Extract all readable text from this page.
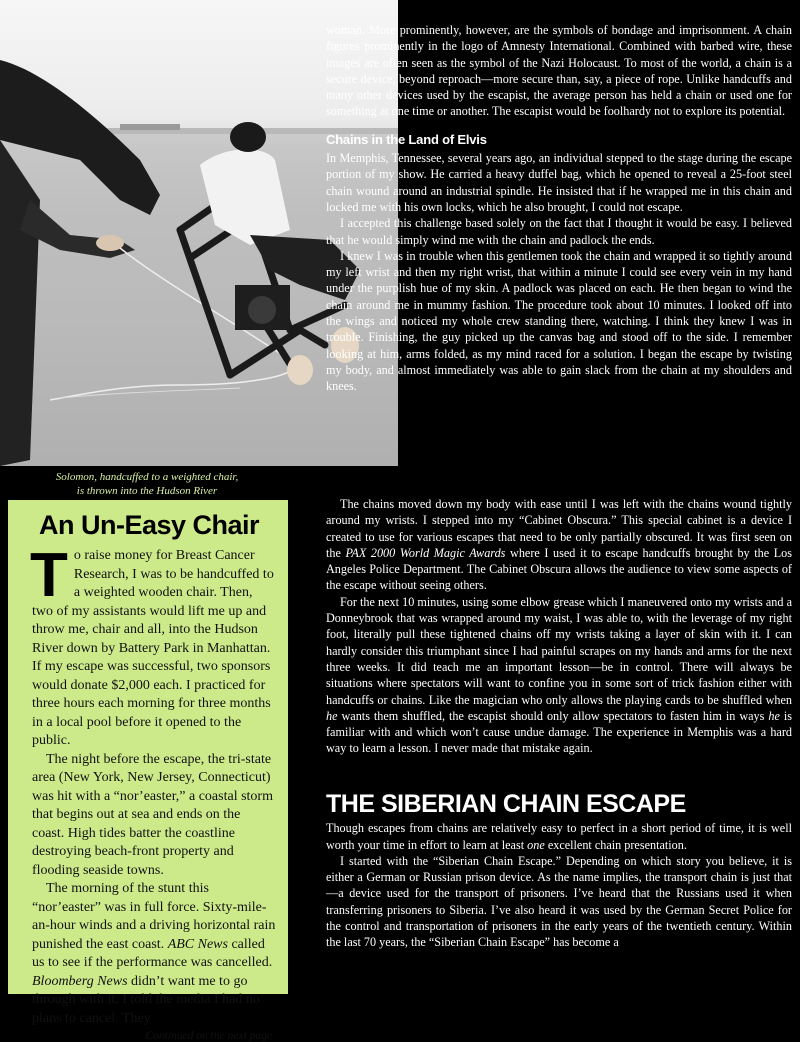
Solomon, handcuffed to a weighted chair,
is thrown into the Hudson River
An Un-Easy Chair

To raise money for Breast Cancer Research, I was to be handcuffed to a weighted wooden chair. Then, two of my assistants would lift me up and throw me, chair and all, into the Hudson River down by Battery Park in Manhattan. If my escape was successful, two sponsors would donate $2,000 each. I practiced for three hours each morning for three months in a local pool before it opened to the public.

The night before the escape, the tri-state area (New York, New Jersey, Connecticut) was hit with a “nor’easter,” a coastal storm that begins out at sea and ends on the coast. High tides batter the coastline destroying beach-front property and flooding seaside towns.

The morning of the stunt this “nor’easter” was in full force. Sixty-mile-an-hour winds and a driving horizontal rain punished the east coast. ABC News called us to see if the performance was cancelled. Bloomberg News didn’t want me to go through with it. I told the media I had no plans to cancel. They

Continued on the next page

woman. More prominently, however, are the symbols of bondage and imprisonment. A chain figures prominently in the logo of Amnesty International. Combined with barbed wire, these images are often seen as the symbol of the Nazi Holocaust. To most of the world, a chain is a secure device, beyond reproach—more secure than, say, a piece of rope. Unlike handcuffs and many other devices used by the escapist, the average person has held a chain or used one for something at one time or another. The escapist would be foolhardy not to explore its potential.

Chains in the Land of Elvis

In Memphis, Tennessee, several years ago, an individual stepped to the stage during the escape portion of my show. He carried a heavy duffel bag, which he opened to reveal a 25-foot steel chain wound around an industrial spindle. He insisted that if he wrapped me in this chain and locked me with his own locks, which he also brought, I could not escape.

I accepted this challenge based solely on the fact that I thought it would be easy. I believed that he would simply wind me with the chain and padlock the ends.

I knew I was in trouble when this gentlemen took the chain and wrapped it so tightly around my left wrist and then my right wrist, that within a minute I could see every vein in my hand under the purplish hue of my skin. A padlock was placed on each. He then began to wind the chain around me in mummy fashion. The procedure took about 10 minutes. I looked off into the wings and noticed my whole crew standing there, watching. I think they knew I was in trouble. Finishing, the guy picked up the canvas bag and stood off to the side. I remember looking at him, arms folded, as my mind raced for a solution. I began the escape by twisting my body, and almost immediately was able to gain slack from the chain at my shoulders and knees.

The chains moved down my body with ease until I was left with the chains wound tightly around my wrists. I stepped into my “Cabinet Obscura.” This special cabinet is a device I created to use for various escapes that need to be only partially obscured. It was first seen on the PAX 2000 World Magic Awards where I used it to escape handcuffs brought by the Los Angeles Police Department. The Cabinet Obscura allows the audience to view some aspects of the escape without seeing others.

For the next 10 minutes, using some elbow grease which I maneuvered onto my wrists and a Donneybrook that was wrapped around my waist, I was able to, with the leverage of my right foot, literally pull these tightened chains off my wrists taking a layer of skin with it. I can hardly consider this triumphant since I had painful scrapes on my hands and arms for the next three weeks. It did teach me an important lesson—be in control. There will always be situations where spectators will want to confine you in some sort of trick fashion either with handcuffs or chains. Like the magician who only allows the playing cards to be shuffled when he wants them shuffled, the escapist should only allow spectators to fasten him in ways he is familiar with and which won’t cause undue damage. The experience in Memphis was a hard way to learn a lesson. I never made that mistake again.

THE SIBERIAN CHAIN ESCAPE

Though escapes from chains are relatively easy to perfect in a short period of time, it is well worth your time in effort to learn at least one excellent chain presentation.

I started with the “Siberian Chain Escape.” Depending on which story you believe, it is either a German or Russian prison device. As the name implies, the transport chain is just that—a device used for the transport of prisoners. I’ve heard that the Russians used it when transferring prisoners to Siberia. I’ve also heard it was used by the German Secret Police for the control and transportation of prisoners in the early years of the twentieth century. Within the last 70 years, the “Siberian Chain Escape” has become a
